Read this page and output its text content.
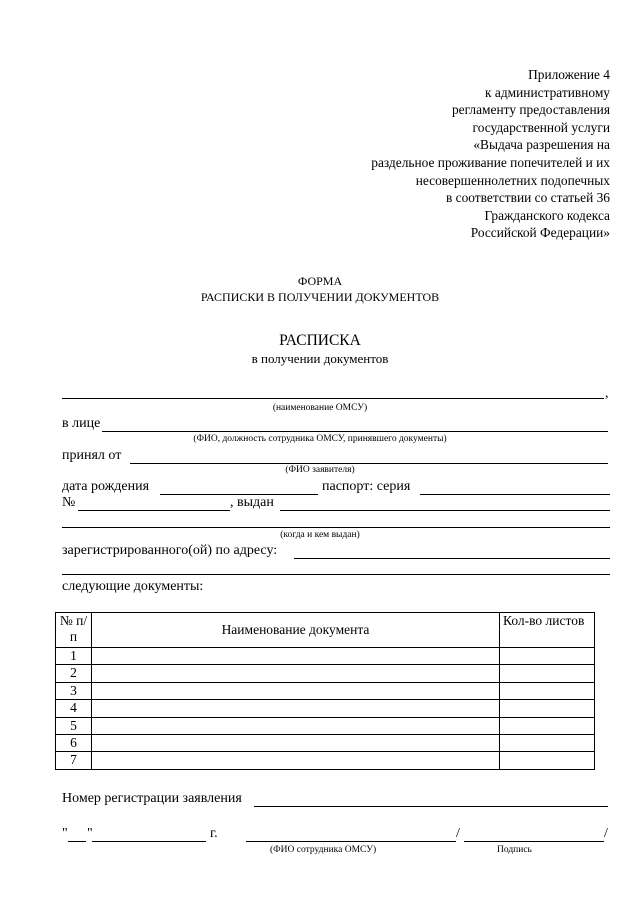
Приложение 4
к административному
регламенту предоставления
государственной услуги
«Выдача разрешения на
раздельное проживание попечителей и их
несовершеннолетних подопечных
в соответствии со статьей 36
Гражданского кодекса
Российской Федерации»
ФОРМА
РАСПИСКИ В ПОЛУЧЕНИИ ДОКУМЕНТОВ
РАСПИСКА
в получении документов
,
(наименование ОМСУ)
в лице
(ФИО, должность сотрудника ОМСУ, принявшего документы)
принял от
(ФИО заявителя)
дата рождения	паспорт: серия
№	, выдан
(когда и кем выдан)
зарегистрированного(ой) по адресу:
следующие документы:
№ п/п	Наименование документа	Кол-во листов
1		
2		
3		
4		
5		
6		
7		
Номер регистрации заявления
" "	г.	/	/
(ФИО сотрудника ОМСУ)	Подпись
